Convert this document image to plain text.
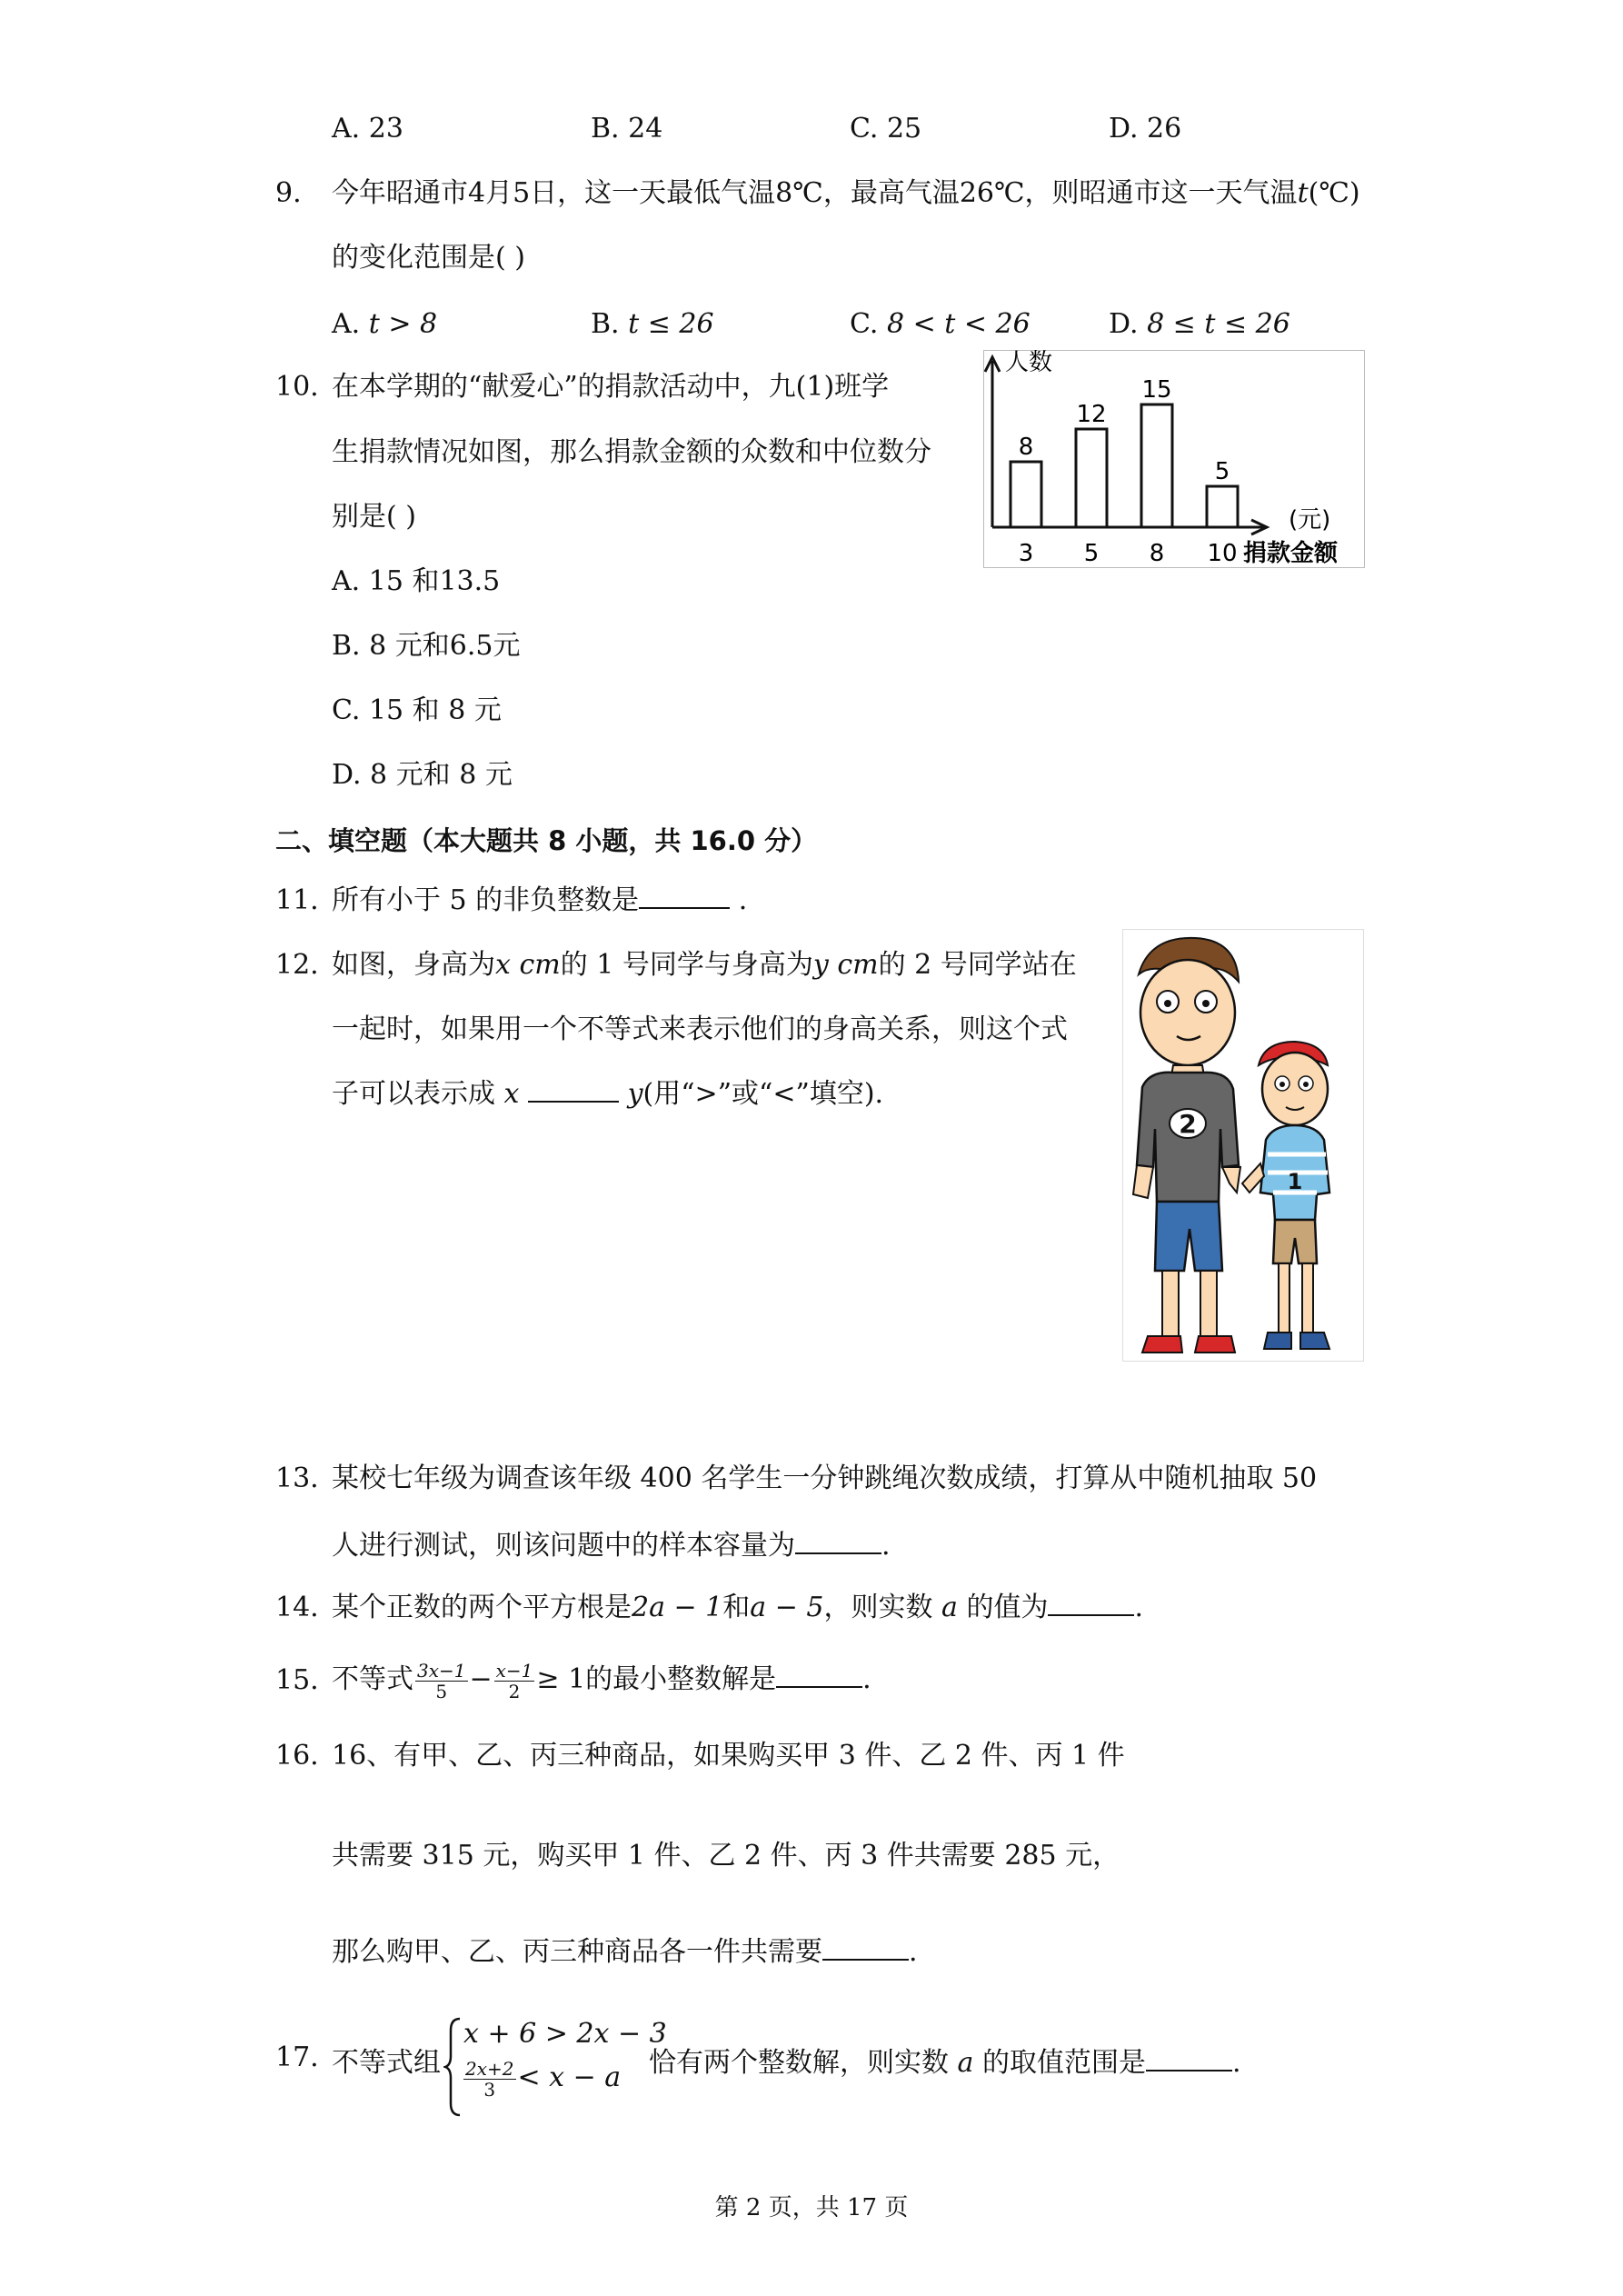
A. 23	B. 24	C. 25	D. 26
9. 今年昭通市4月5日，这一天最低气温8℃，最高气温26℃，则昭通市这一天气温t(℃)
的变化范围是( )
A. t > 8	B. t ≤ 26	C. 8 < t < 26	D. 8 ≤ t ≤ 26
10. 在本学期的“献爱心”的捐款活动中，九(1)班学
生捐款情况如图，那么捐款金额的众数和中位数分
别是( )
A. 15 和13.5
B. 8 元和6.5元
C. 15 和 8 元
D. 8 元和 8 元
人数
(元)
捐款金额
8
3
12
5
15
8
5
10
二、填空题（本大题共 8 小题，共 16.0 分）
11. 所有小于 5 的非负整数是	.
12. 如图，身高为x cm的 1 号同学与身高为y cm的 2 号同学站在
一起时，如果用一个不等式来表示他们的身高关系，则这个式
子可以表示成 x	y(用“>”或“<”填空).
2
1
13. 某校七年级为调查该年级 400 名学生一分钟跳绳次数成绩，打算从中随机抽取 50
人进行测试，则该问题中的样本容量为	.
14. 某个正数的两个平方根是2a − 1和a − 5，则实数 a 的值为	.
15. 不等式 $\frac{3x-1}{5} - \frac{x-1}{2} \ge 1$的最小整数解是	.
16. 16、有甲、乙、丙三种商品，如果购买甲 3 件、乙 2 件、丙 1 件
共需要 315 元，购买甲 1 件、乙 2 件、丙 3 件共需要 285 元，
那么购甲、乙、丙三种商品各一件共需要	.
17. 不等式组
x + 6 > 2x − 3
$\frac{2x+2}{3} < x - a$ 恰有两个整数解，则实数 a 的取值范围是	.
第 2 页，共 17 页
